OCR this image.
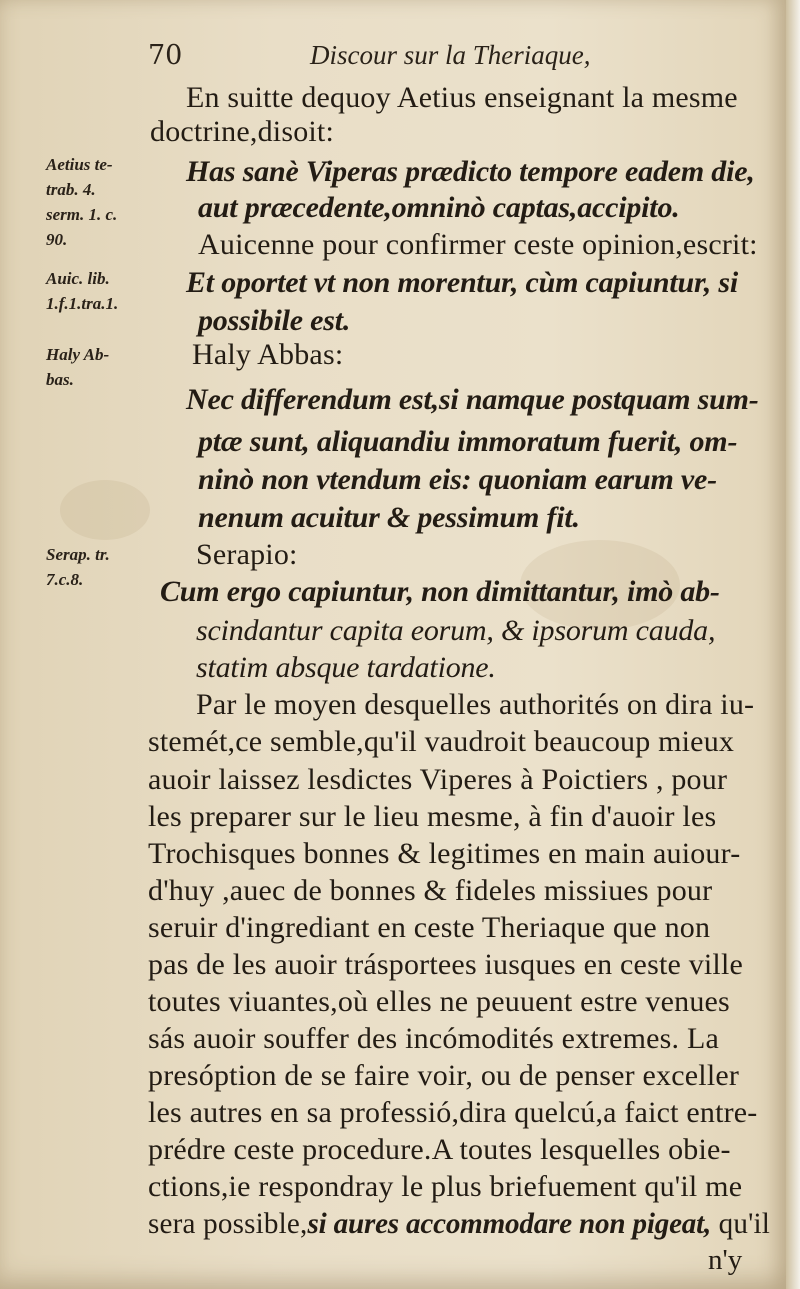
70	Discour sur la Theriaque,
Aetius te-
trab. 4.
serm. 1. c.
90.
Auic. lib.
1.f.1.tra.1.
Haly Ab-
bas.
Serap. tr.
7.c.8.
En suitte dequoy Aetius enseignant la mesme
doctrine,disoit:
Has sanè Viperas prædicto tempore eadem die,
aut præcedente,omninò captas,accipito.
Auicenne pour confirmer ceste opinion,escrit:
Et oportet vt non morentur, cùm capiuntur, si
possibile est.
Haly Abbas:
Nec differendum est,si namque postquam sum-
ptæ sunt, aliquandiu immoratum fuerit, om-
ninò non vtendum eis: quoniam earum ve-
nenum acuitur & pessimum fit.
Serapio:
Cum ergo capiuntur, non dimittantur, imò ab-
scindantur capita eorum, & ipsorum cauda,
statim absque tardatione.
Par le moyen desquelles authorités on dira iu-
stemét,ce semble,qu'il vaudroit beaucoup mieux
auoir laissez lesdictes Viperes à Poictiers , pour
les preparer sur le lieu mesme, à fin d'auoir les
Trochisques bonnes & legitimes en main auiour-
d'huy ,auec de bonnes & fideles missiues pour
seruir d'ingrediant en ceste Theriaque que non
pas de les auoir trásportees iusques en ceste ville
toutes viuantes,où elles ne peuuent estre venues
sás auoir souffer des incómodités extremes. La
presóption de se faire voir, ou de penser exceller
les autres en sa professió,dira quelcú,a faict entre-
prédre ceste procedure.A toutes lesquelles obie-
ctions,ie respondray le plus briefuement qu'il me
sera possible,si aures accommodare non pigeat, qu'il
n'y
